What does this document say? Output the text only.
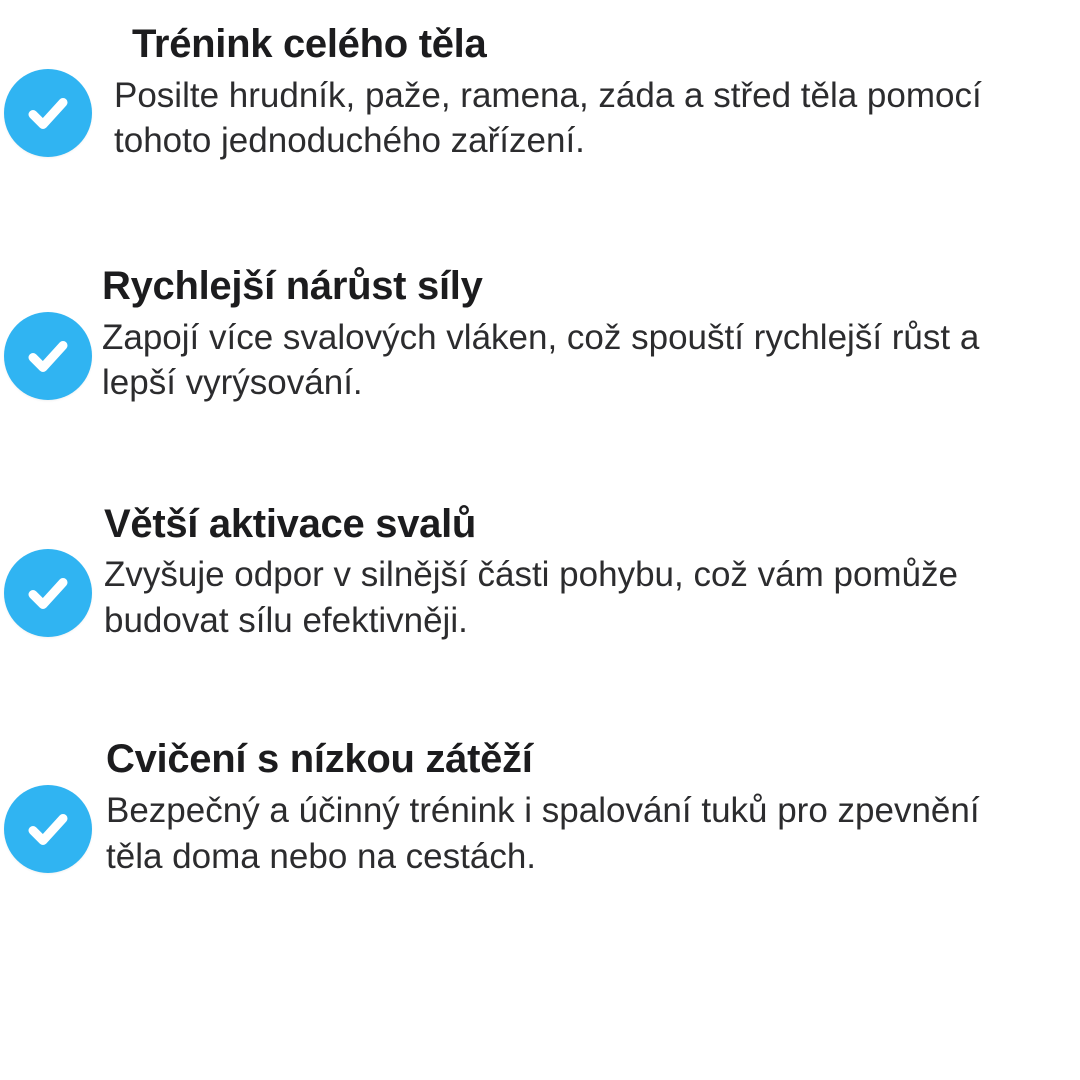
Trénink celého těla
Posilte hrudník, paže, ramena, záda a střed těla pomocí tohoto jednoduchého zařízení.
Rychlejší nárůst síly
Zapojí více svalových vláken, což spouští rychlejší růst a lepší vyrýsování.
Větší aktivace svalů
Zvyšuje odpor v silnější části pohybu, což vám pomůže budovat sílu efektivněji.
Cvičení s nízkou zátěží
Bezpečný a účinný trénink i spalování tuků pro zpevnění těla doma nebo na cestách.
